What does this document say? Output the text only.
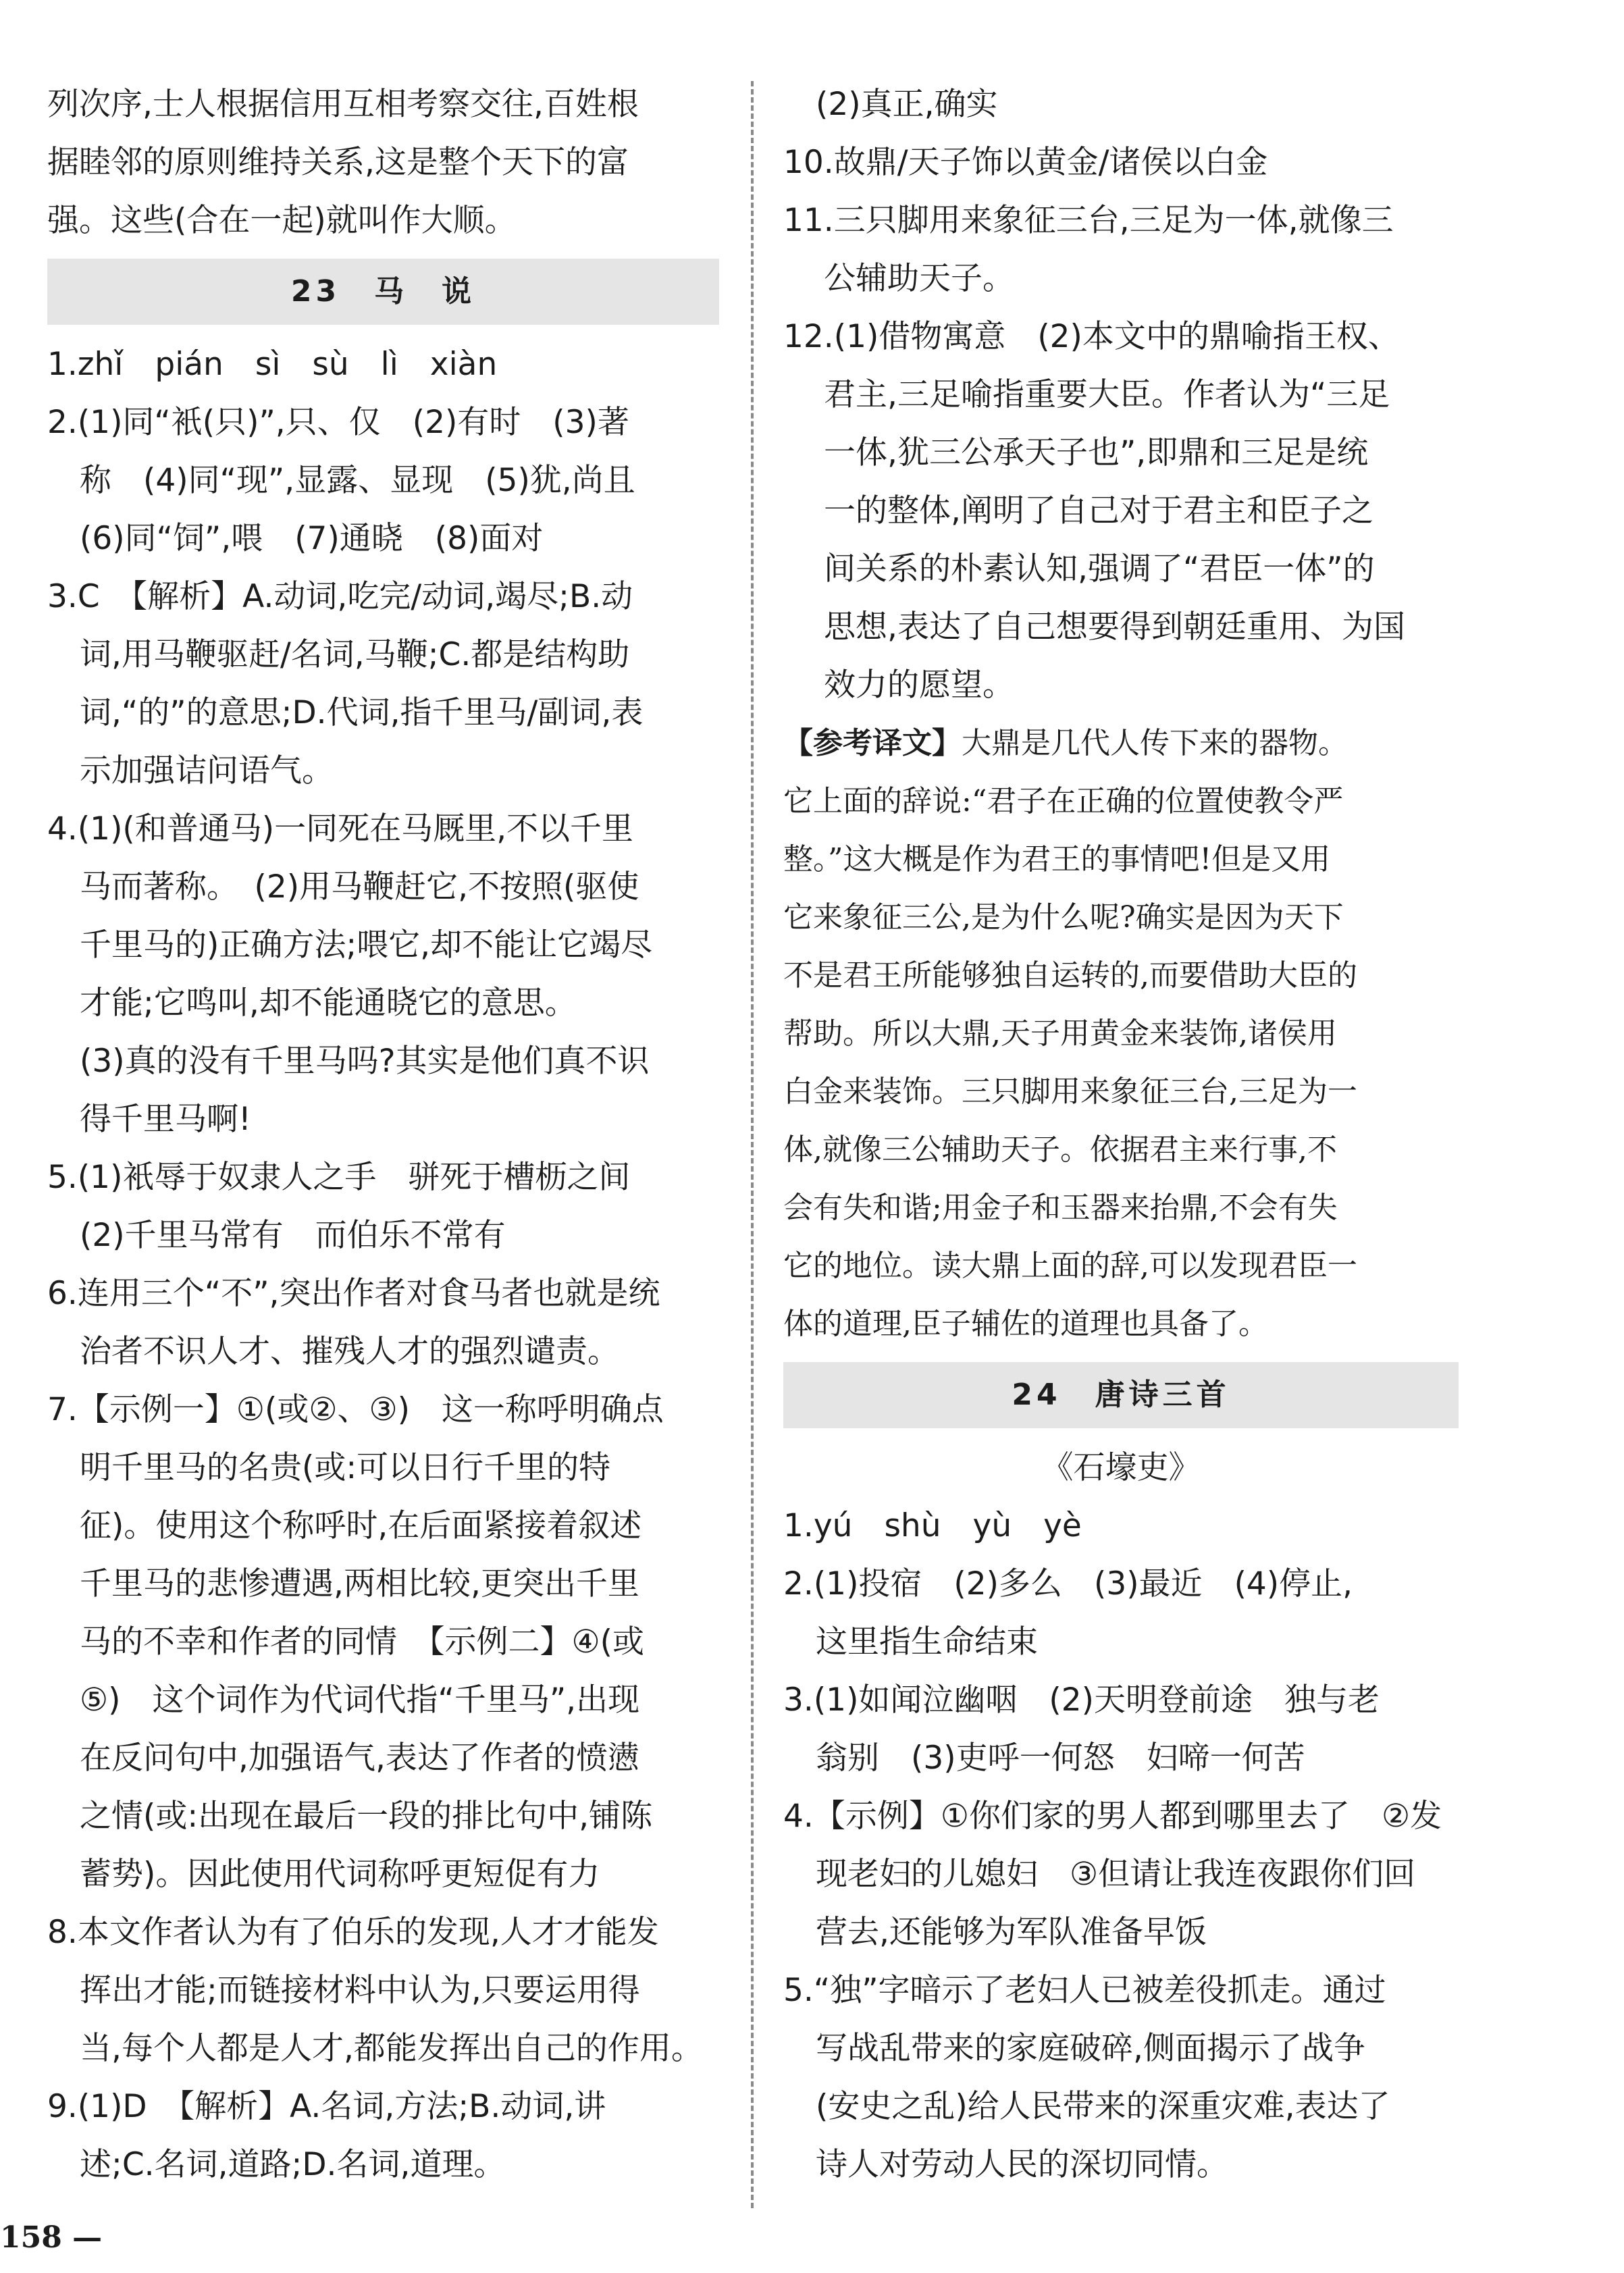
列次序,士人根据信用互相考察交往,百姓根
据睦邻的原则维持关系,这是整个天下的富
强。这些(合在一起)就叫作大顺。
23　马　说
1.zhǐ　pián　sì　sù　lì　xiàn
2.(1)同“衹(只)”,只、仅　(2)有时　(3)著
称　(4)同“现”,显露、显现　(5)犹,尚且
(6)同“饲”,喂　(7)通晓　(8)面对
3.C　【解析】A.动词,吃完/动词,竭尽;B.动
词,用马鞭驱赶/名词,马鞭;C.都是结构助
词,“的”的意思;D.代词,指千里马/副词,表
示加强诘问语气。
4.(1)(和普通马)一同死在马厩里,不以千里
马而著称。　(2)用马鞭赶它,不按照(驱使
千里马的)正确方法;喂它,却不能让它竭尽
才能;它鸣叫,却不能通晓它的意思。
(3)真的没有千里马吗?其实是他们真不识
得千里马啊!
5.(1)衹辱于奴隶人之手　骈死于槽枥之间
(2)千里马常有　而伯乐不常有
6.连用三个“不”,突出作者对食马者也就是统
治者不识人才、摧残人才的强烈谴责。
7.【示例一】①(或②、③)　这一称呼明确点
明千里马的名贵(或:可以日行千里的特
征)。使用这个称呼时,在后面紧接着叙述
千里马的悲惨遭遇,两相比较,更突出千里
马的不幸和作者的同情　【示例二】④(或
⑤)　这个词作为代词代指“千里马”,出现
在反问句中,加强语气,表达了作者的愤懑
之情(或:出现在最后一段的排比句中,铺陈
蓄势)。因此使用代词称呼更短促有力
8.本文作者认为有了伯乐的发现,人才才能发
挥出才能;而链接材料中认为,只要运用得
当,每个人都是人才,都能发挥出自己的作用。
9.(1)D　【解析】A.名词,方法;B.动词,讲
述;C.名词,道路;D.名词,道理。
(2)真正,确实
10.故鼎/天子饰以黄金/诸侯以白金
11.三只脚用来象征三台,三足为一体,就像三
公辅助天子。
12.(1)借物寓意　(2)本文中的鼎喻指王权、
君主,三足喻指重要大臣。作者认为“三足
一体,犹三公承天子也”,即鼎和三足是统
一的整体,阐明了自己对于君主和臣子之
间关系的朴素认知,强调了“君臣一体”的
思想,表达了自己想要得到朝廷重用、为国
效力的愿望。
【参考译文】大鼎是几代人传下来的器物。
它上面的辞说:“君子在正确的位置使教令严
整。”这大概是作为君王的事情吧!但是又用
它来象征三公,是为什么呢?确实是因为天下
不是君王所能够独自运转的,而要借助大臣的
帮助。所以大鼎,天子用黄金来装饰,诸侯用
白金来装饰。三只脚用来象征三台,三足为一
体,就像三公辅助天子。依据君主来行事,不
会有失和谐;用金子和玉器来抬鼎,不会有失
它的地位。读大鼎上面的辞,可以发现君臣一
体的道理,臣子辅佐的道理也具备了。
24　唐诗三首
《石壕吏》
1.yú　shù　yù　yè
2.(1)投宿　(2)多么　(3)最近　(4)停止,
这里指生命结束
3.(1)如闻泣幽咽　(2)天明登前途　独与老
翁别　(3)吏呼一何怒　妇啼一何苦
4.【示例】①你们家的男人都到哪里去了　②发
现老妇的儿媳妇　③但请让我连夜跟你们回
营去,还能够为军队准备早饭
5.“独”字暗示了老妇人已被差役抓走。通过
写战乱带来的家庭破碎,侧面揭示了战争
(安史之乱)给人民带来的深重灾难,表达了
诗人对劳动人民的深切同情。
158 —
